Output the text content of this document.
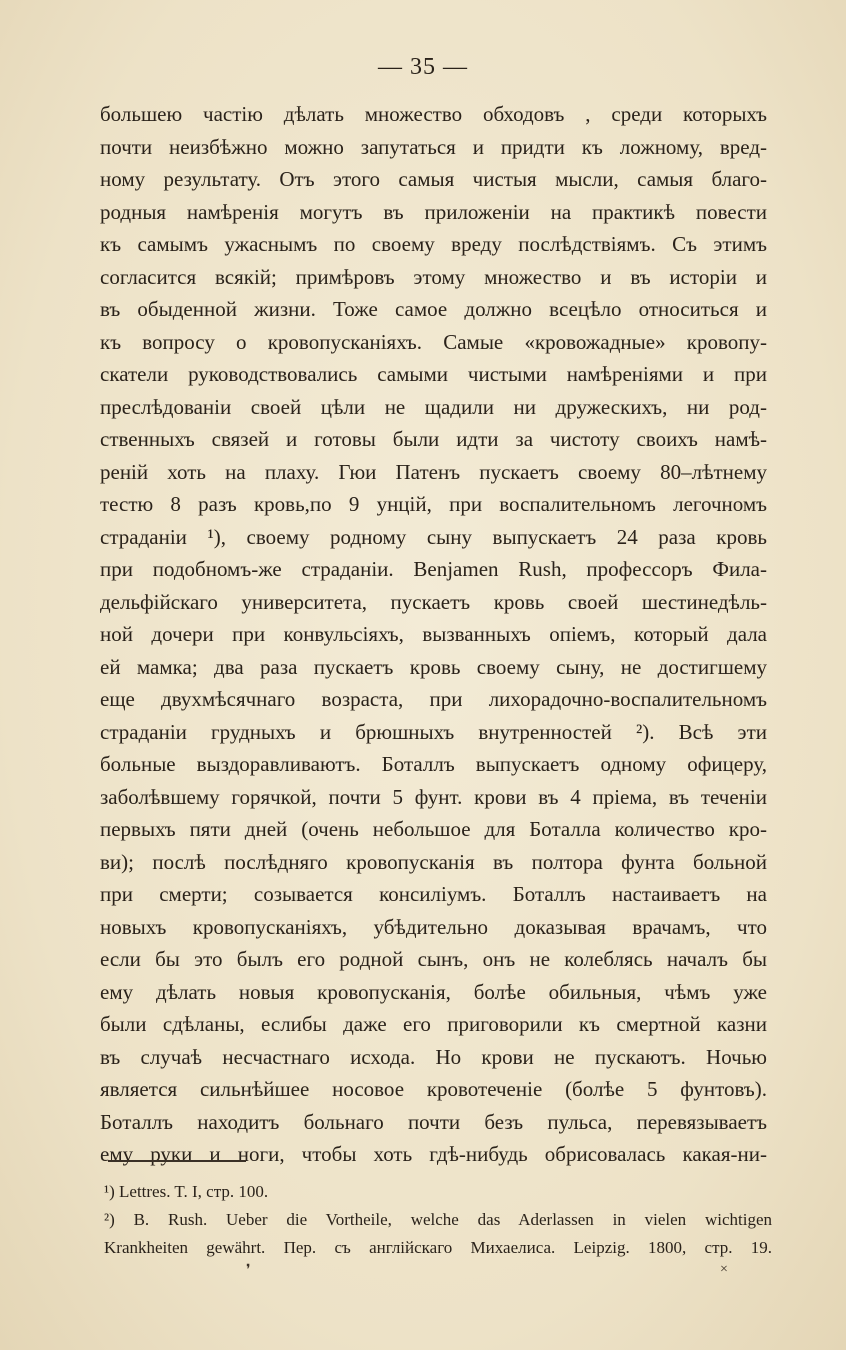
— 35 —
большею частію дѣлать множество обходовъ , среди которыхъ
почти неизбѣжно можно запутаться и придти къ ложному, вред-
ному результату. Отъ этого самыя чистыя мысли, самыя благо-
родныя намѣренія могутъ въ приложеніи на практикѣ повести
къ самымъ ужаснымъ по своему вреду послѣдствіямъ. Съ этимъ
согласится всякій; примѣровъ этому множество и въ исторіи и
въ обыденной жизни. Тоже самое должно всецѣло относиться и
къ вопросу о кровопусканіяхъ. Самые «кровожадные» кровопу-
скатели руководствовались самыми чистыми намѣреніями и при
преслѣдованіи своей цѣли не щадили ни дружескихъ, ни род-
ственныхъ связей и готовы были идти за чистоту своихъ намѣ-
реній хоть на плаху. Гюи Патенъ пускаетъ своему 80–лѣтнему
тестю 8 разъ кровь,по 9 унцій, при воспалительномъ легочномъ
страданіи ¹), своему родному сыну выпускаетъ 24 раза кровь
при подобномъ-же страданіи. Benjamen Rush, профессоръ Фила-
дельфійскаго университета, пускаетъ кровь своей шестинедѣль-
ной дочери при конвульсіяхъ, вызванныхъ опіемъ, который дала
ей мамка; два раза пускаетъ кровь своему сыну, не достигшему
еще двухмѣсячнаго возраста, при лихорадочно-воспалительномъ
страданіи грудныхъ и брюшныхъ внутренностей ²). Всѣ эти
больные выздоравливаютъ. Боталлъ выпускаетъ одному офицеру,
заболѣвшему горячкой, почти 5 фунт. крови въ 4 пріема, въ теченіи
первыхъ пяти дней (очень небольшое для Боталла количество кро-
ви); послѣ послѣдняго кровопусканія въ полтора фунта больной
при смерти; созывается консиліумъ. Боталлъ настаиваетъ на
новыхъ кровопусканіяхъ, убѣдительно доказывая врачамъ, что
если бы это былъ его родной сынъ, онъ не колеблясь началъ бы
ему дѣлать новыя кровопусканія, болѣе обильныя, чѣмъ уже
были сдѣланы, еслибы даже его приговорили къ смертной казни
въ случаѣ несчастнаго исхода. Но крови не пускаютъ. Ночью
является сильнѣйшее носовое кровотеченіе (болѣе 5 фунтовъ).
Боталлъ находитъ больнаго почти безъ пульса, перевязываетъ
ему руки и ноги, чтобы хоть гдѣ-нибудь обрисовалась какая-ни-
¹) Lettres. T. I, стр. 100.
²) B. Rush. Ueber die Vortheile, welche das Aderlassen in vielen wichtigen
Krankheiten gewährt. Пер. съ англійскаго Михаелиса. Leipzig. 1800, стр. 19.
❜	×
